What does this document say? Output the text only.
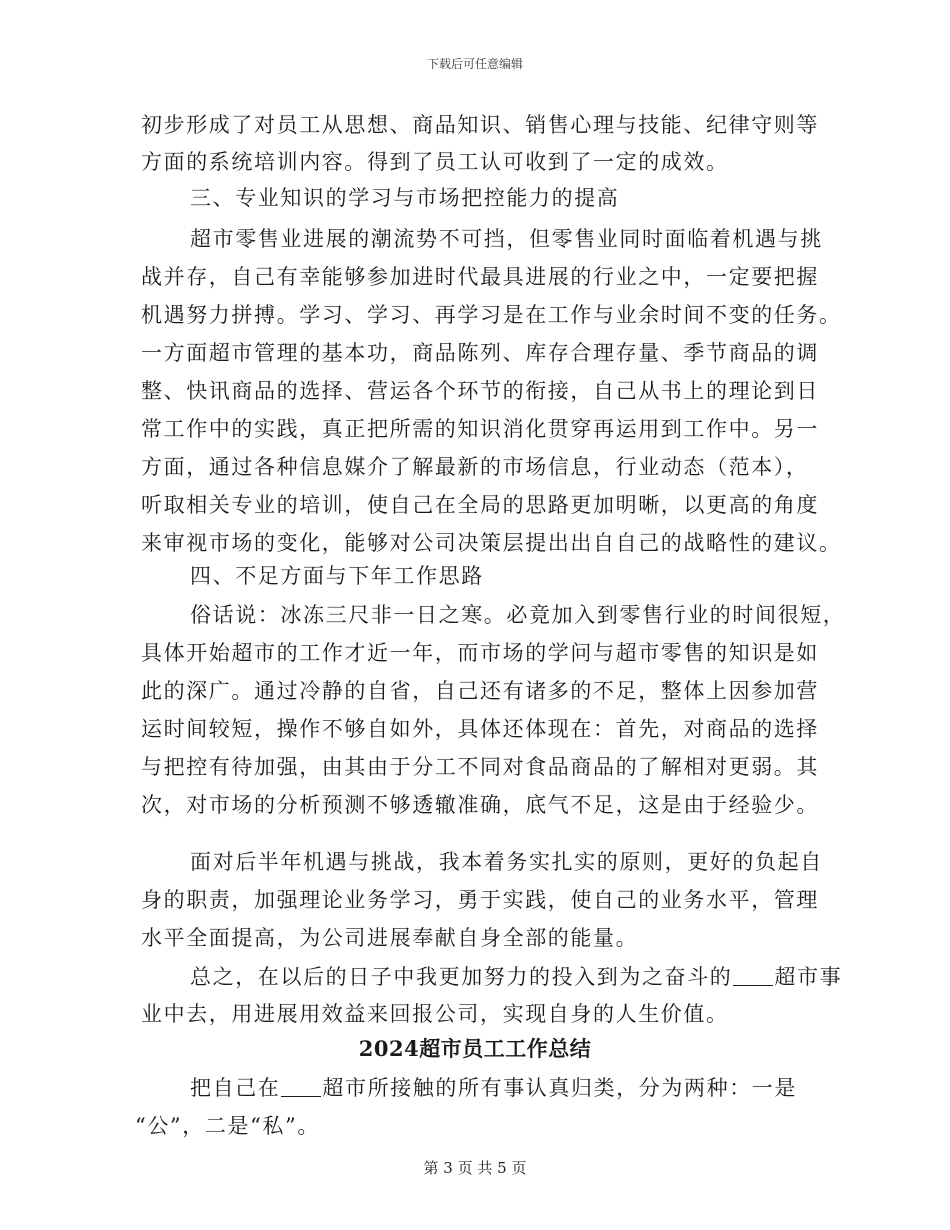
下载后可任意编辑
初步形成了对员工从思想、商品知识、销售心理与技能、纪律守则等
方面的系统培训内容。得到了员工认可收到了一定的成效。
三、专业知识的学习与市场把控能力的提高
超市零售业进展的潮流势不可挡，但零售业同时面临着机遇与挑
战并存，自己有幸能够参加进时代最具进展的行业之中，一定要把握
机遇努力拼搏。学习、学习、再学习是在工作与业余时间不变的任务。
一方面超市管理的基本功，商品陈列、库存合理存量、季节商品的调
整、快讯商品的选择、营运各个环节的衔接，自己从书上的理论到日
常工作中的实践，真正把所需的知识消化贯穿再运用到工作中。另一
方面，通过各种信息媒介了解最新的市场信息，行业动态（范本），
听取相关专业的培训，使自己在全局的思路更加明晰，以更高的角度
来审视市场的变化，能够对公司决策层提出出自自己的战略性的建议。
四、不足方面与下年工作思路
俗话说：冰冻三尺非一日之寒。必竟加入到零售行业的时间很短，
具体开始超市的工作才近一年，而市场的学问与超市零售的知识是如
此的深广。通过冷静的自省，自己还有诸多的不足，整体上因参加营
运时间较短，操作不够自如外，具体还体现在：首先，对商品的选择
与把控有待加强，由其由于分工不同对食品商品的了解相对更弱。其
次，对市场的分析预测不够透辙准确，底气不足，这是由于经验少。
面对后半年机遇与挑战，我本着务实扎实的原则，更好的负起自
身的职责，加强理论业务学习，勇于实践，使自己的业务水平，管理
水平全面提高，为公司进展奉献自身全部的能量。
总之，在以后的日子中我更加努力的投入到为之奋斗的 超市事
业中去，用进展用效益来回报公司，实现自身的人生价值。
2024超市员工工作总结
把自己在 超市所接触的所有事认真归类，分为两种：一是
“公”，二是“私”。
第 3 页 共 5 页
